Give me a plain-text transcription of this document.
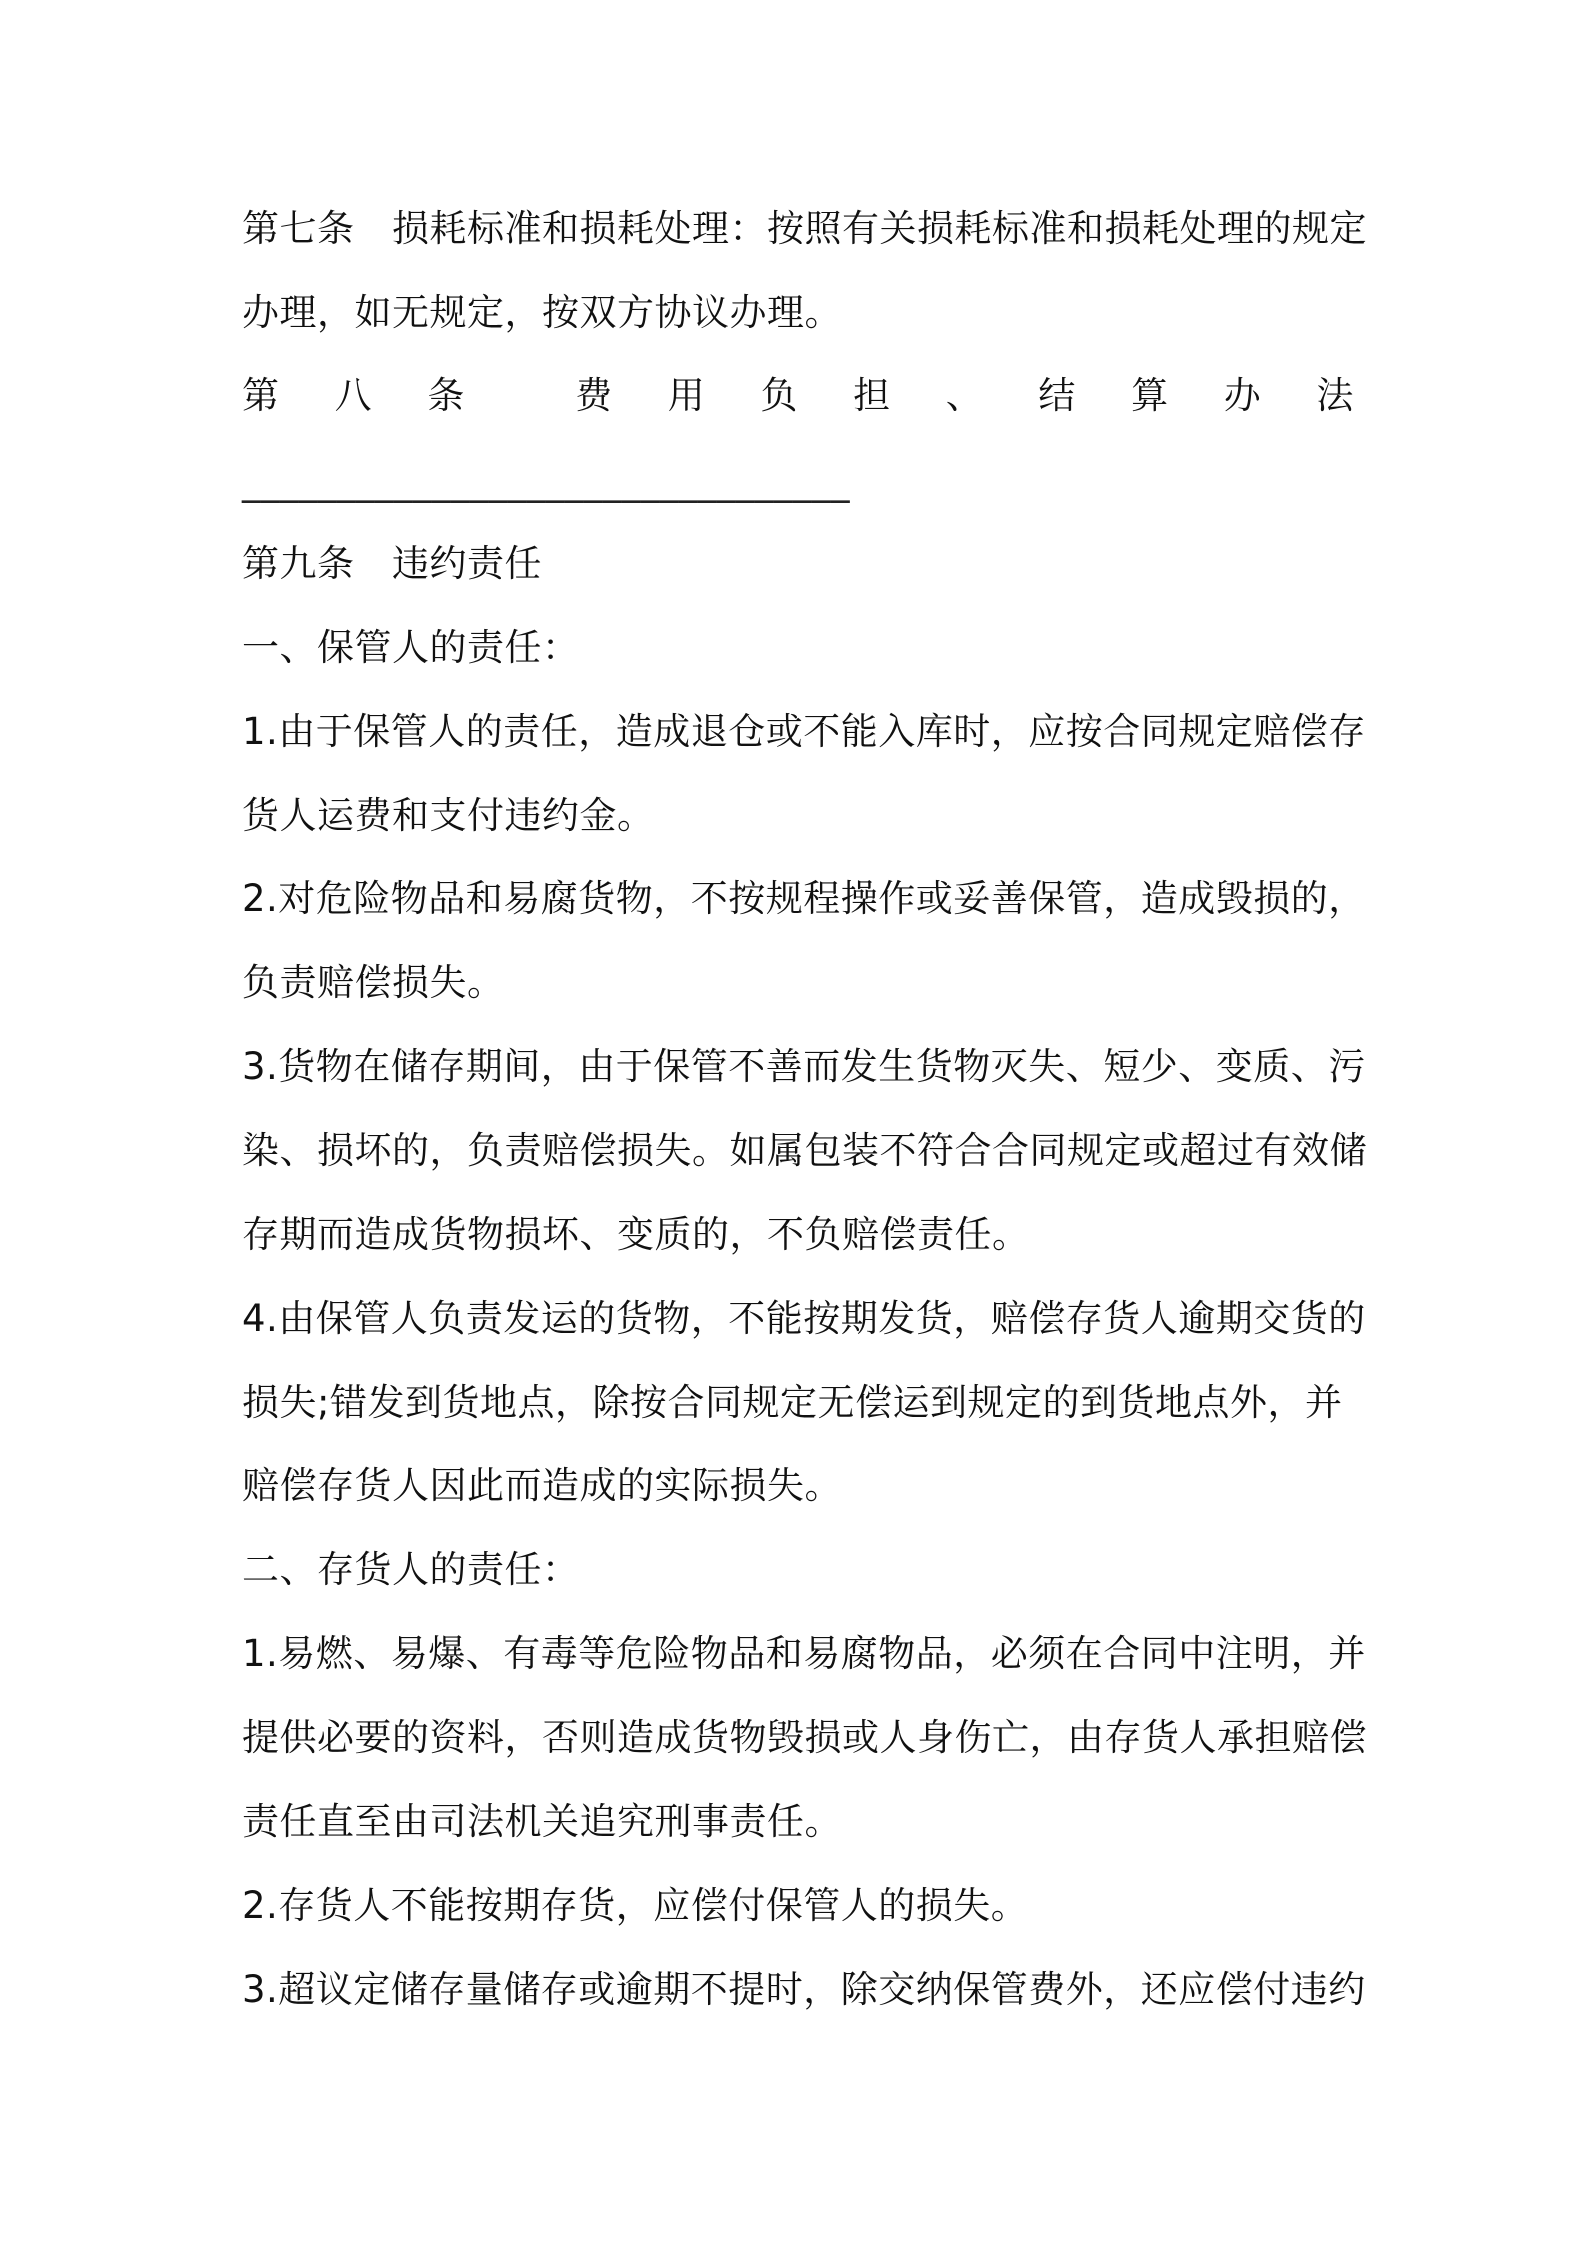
第七条　损耗标准和损耗处理：按照有关损耗标准和损耗处理的规定
办理，如无规定，按双方协议办理。
第 八 条	费 用 负 担 、 结 算 办 法
________________________________
第九条　违约责任
一、保管人的责任：
1.由于保管人的责任，造成退仓或不能入库时，应按合同规定赔偿存
货人运费和支付违约金。
2.对危险物品和易腐货物，不按规程操作或妥善保管，造成毁损的，
负责赔偿损失。
3.货物在储存期间，由于保管不善而发生货物灭失、短少、变质、污
染、损坏的，负责赔偿损失。如属包装不符合合同规定或超过有效储
存期而造成货物损坏、变质的，不负赔偿责任。
4.由保管人负责发运的货物，不能按期发货，赔偿存货人逾期交货的
损失;错发到货地点，除按合同规定无偿运到规定的到货地点外，并
赔偿存货人因此而造成的实际损失。
二、存货人的责任：
1.易燃、易爆、有毒等危险物品和易腐物品，必须在合同中注明，并
提供必要的资料，否则造成货物毁损或人身伤亡，由存货人承担赔偿
责任直至由司法机关追究刑事责任。
2.存货人不能按期存货，应偿付保管人的损失。
3.超议定储存量储存或逾期不提时，除交纳保管费外，还应偿付违约
